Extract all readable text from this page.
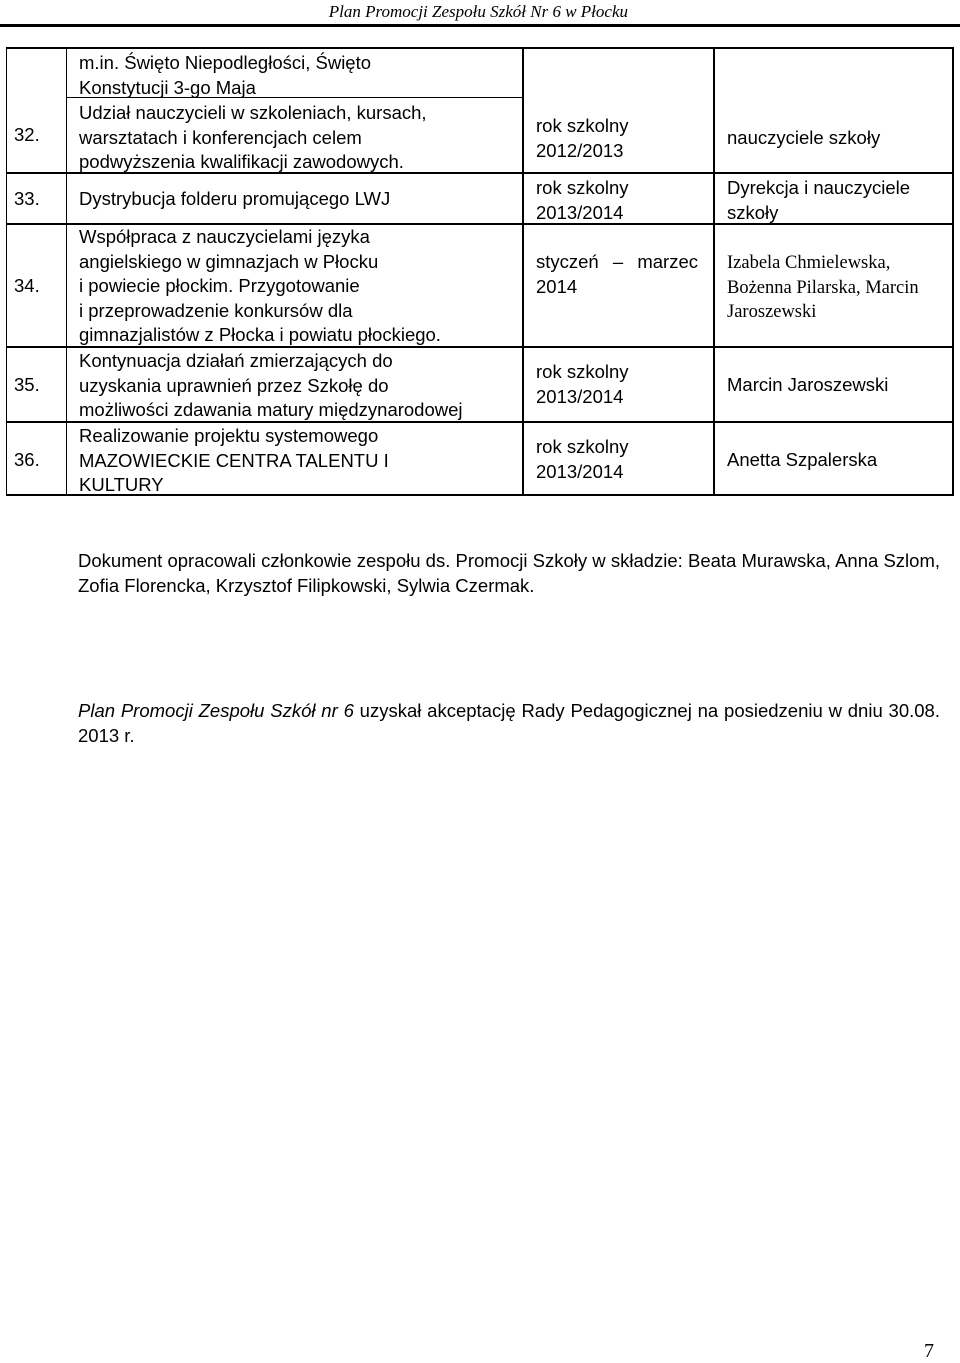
Plan Promocji Zespołu Szkół Nr 6 w Płocku
m.in. Święto Niepodległości, Święto
Konstytucji 3-go Maja
32.
Udział nauczycieli w szkoleniach, kursach,
warsztatach i konferencjach celem
podwyższenia kwalifikacji zawodowych.
rok szkolny
2012/2013
nauczyciele szkoły
33.	Dystrybucja folderu promującego LWJ
rok szkolny
2013/2014
Dyrekcja i nauczyciele
szkoły
34.
Współpraca z nauczycielami języka
angielskiego w gimnazjach w Płocku
i powiecie płockim. Przygotowanie
i przeprowadzenie konkursów dla
gimnazjalistów z Płocka i powiatu płockiego.
styczeń – marzec
2014
Izabela Chmielewska,
Bożenna Pilarska, Marcin
Jaroszewski
35.
Kontynuacja działań zmierzających do
uzyskania uprawnień przez Szkołę do
możliwości zdawania matury międzynarodowej
rok szkolny
2013/2014
Marcin Jaroszewski
36.
Realizowanie projektu systemowego
MAZOWIECKIE CENTRA TALENTU I
KULTURY
rok szkolny
2013/2014
Anetta Szpalerska

Dokument opracowali członkowie zespołu ds. Promocji Szkoły w składzie: Beata Murawska, Anna Szlom, Zofia Florencka, Krzysztof Filipkowski, Sylwia Czermak.

Plan Promocji Zespołu Szkół nr 6 uzyskał akceptację Rady Pedagogicznej na posiedzeniu w dniu 30.08. 2013 r.

7
